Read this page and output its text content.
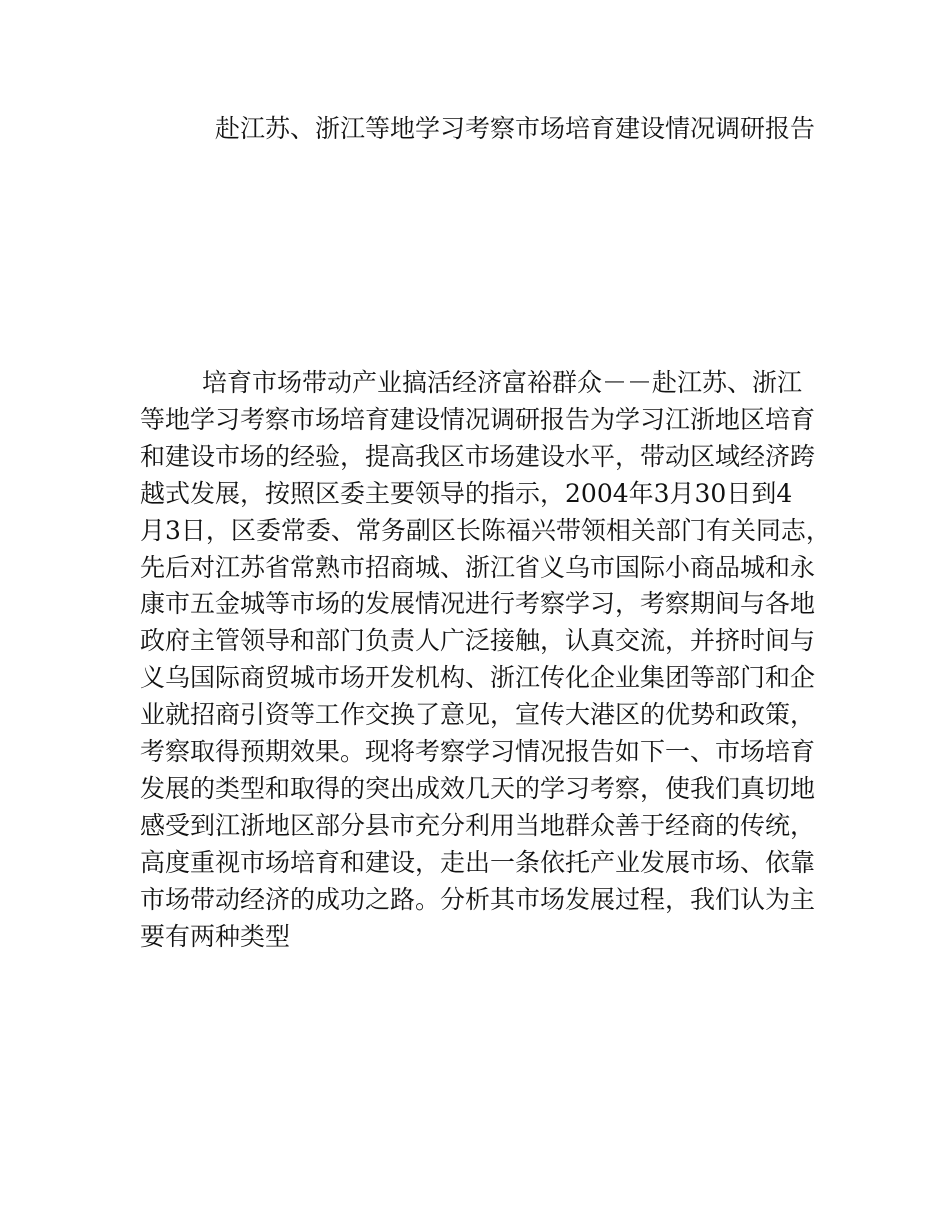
赴江苏、浙江等地学习考察市场培育建设情况调研报告
培育市场带动产业搞活经济富裕群众－－赴江苏、浙江
等地学习考察市场培育建设情况调研报告为学习江浙地区培育
和建设市场的经验，提高我区市场建设水平，带动区域经济跨
越式发展，按照区委主要领导的指示，2004年3月30日到4
月3日，区委常委、常务副区长陈福兴带领相关部门有关同志，
先后对江苏省常熟市招商城、浙江省义乌市国际小商品城和永
康市五金城等市场的发展情况进行考察学习，考察期间与各地
政府主管领导和部门负责人广泛接触，认真交流，并挤时间与
义乌国际商贸城市场开发机构、浙江传化企业集团等部门和企
业就招商引资等工作交换了意见，宣传大港区的优势和政策，
考察取得预期效果。现将考察学习情况报告如下一、市场培育
发展的类型和取得的突出成效几天的学习考察，使我们真切地
感受到江浙地区部分县市充分利用当地群众善于经商的传统，
高度重视市场培育和建设，走出一条依托产业发展市场、依靠
市场带动经济的成功之路。分析其市场发展过程，我们认为主
要有两种类型
